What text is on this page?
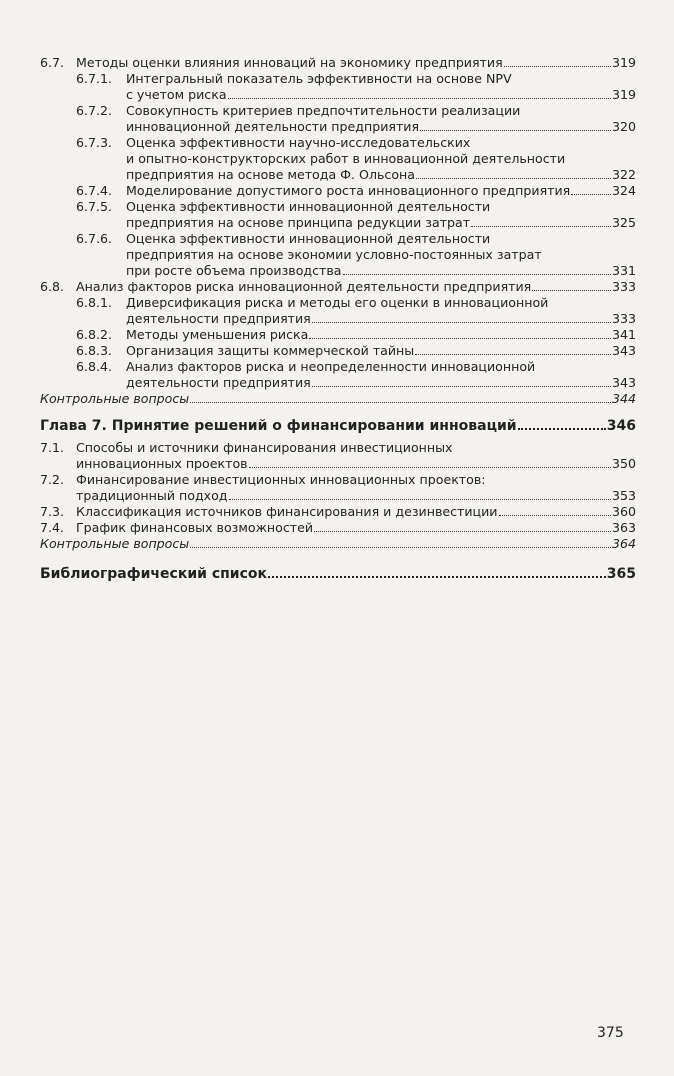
6.7. Методы оценки влияния инноваций на экономику предприятия	319
6.7.1. Интегральный показатель эффективности на основе NPV
с учетом риска	319
6.7.2. Совокупность критериев предпочтительности реализации
инновационной деятельности предприятия	320
6.7.3. Оценка эффективности научно-исследовательских
и опытно-конструкторских работ в инновационной деятельности
предприятия на основе метода Ф. Ольсона	322
6.7.4. Моделирование допустимого роста инновационного предприятия	324
6.7.5. Оценка эффективности инновационной деятельности
предприятия на основе принципа редукции затрат	325
6.7.6. Оценка эффективности инновационной деятельности
предприятия на основе экономии условно-постоянных затрат
при росте объема производства	331
6.8. Анализ факторов риска инновационной деятельности предприятия	333
6.8.1. Диверсификация риска и методы его оценки в инновационной
деятельности предприятия	333
6.8.2. Методы уменьшения риска	341
6.8.3. Организация защиты коммерческой тайны	343
6.8.4. Анализ факторов риска и неопределенности инновационной
деятельности предприятия	343
Контрольные вопросы	344
Глава 7. Принятие решений о финансировании инноваций	346
7.1. Способы и источники финансирования инвестиционных
инновационных проектов	350
7.2. Финансирование инвестиционных инновационных проектов:
традиционный подход	353
7.3. Классификация источников финансирования и дезинвестиции	360
7.4. График финансовых возможностей	363
Контрольные вопросы	364
Библиографический список	365
375
